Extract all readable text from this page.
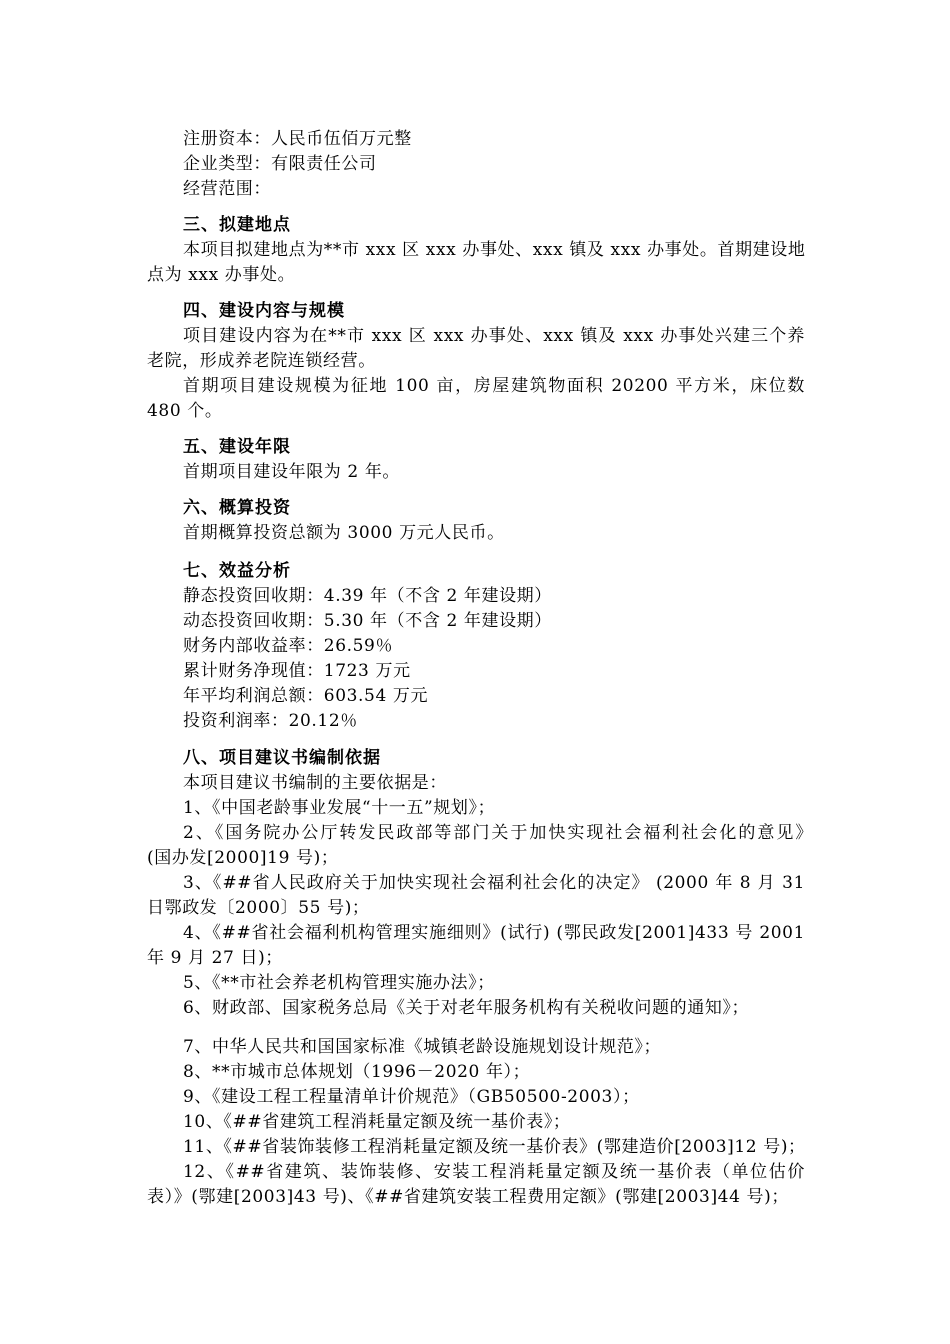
注册资本：人民币伍佰万元整
企业类型：有限责任公司
经营范围：
三、拟建地点
本项目拟建地点为**市 xxx 区 xxx 办事处、xxx 镇及 xxx 办事处。首期建设地
点为 xxx 办事处。
四、建设内容与规模
项目建设内容为在**市 xxx 区 xxx 办事处、xxx 镇及 xxx 办事处兴建三个养
老院，形成养老院连锁经营。
首期项目建设规模为征地 100 亩，房屋建筑物面积 20200 平方米，床位数
480 个。
五、建设年限
首期项目建设年限为 2 年。
六、概算投资
首期概算投资总额为 3000 万元人民币。
七、效益分析
静态投资回收期：4.39 年（不含 2 年建设期）
动态投资回收期：5.30 年（不含 2 年建设期）
财务内部收益率：26.59％
累计财务净现值：1723 万元
年平均利润总额：603.54 万元
投资利润率：20.12％
八、项目建议书编制依据
本项目建议书编制的主要依据是：
1、《中国老龄事业发展“十一五”规划》；
2、《国务院办公厅转发民政部等部门关于加快实现社会福利社会化的意见》
(国办发[2000]19 号)；
3、《##省人民政府关于加快实现社会福利社会化的决定》 (2000 年 8 月 31
日鄂政发〔2000〕55 号)；
4、《##省社会福利机构管理实施细则》(试行) (鄂民政发[2001]433 号 2001
年 9 月 27 日)；
5、《**市社会养老机构管理实施办法》；
6、财政部、国家税务总局《关于对老年服务机构有关税收问题的通知》；
7、中华人民共和国国家标准《城镇老龄设施规划设计规范》；
8、**市城市总体规划（1996－2020 年）；
9、《建设工程工程量清单计价规范》（GB50500-2003）；
10、《##省建筑工程消耗量定额及统一基价表》；
11、《##省装饰装修工程消耗量定额及统一基价表》(鄂建造价[2003]12 号)；
12、《##省建筑、装饰装修、安装工程消耗量定额及统一基价表（单位估价
表）》(鄂建[2003]43 号)、《##省建筑安装工程费用定额》(鄂建[2003]44 号)；
